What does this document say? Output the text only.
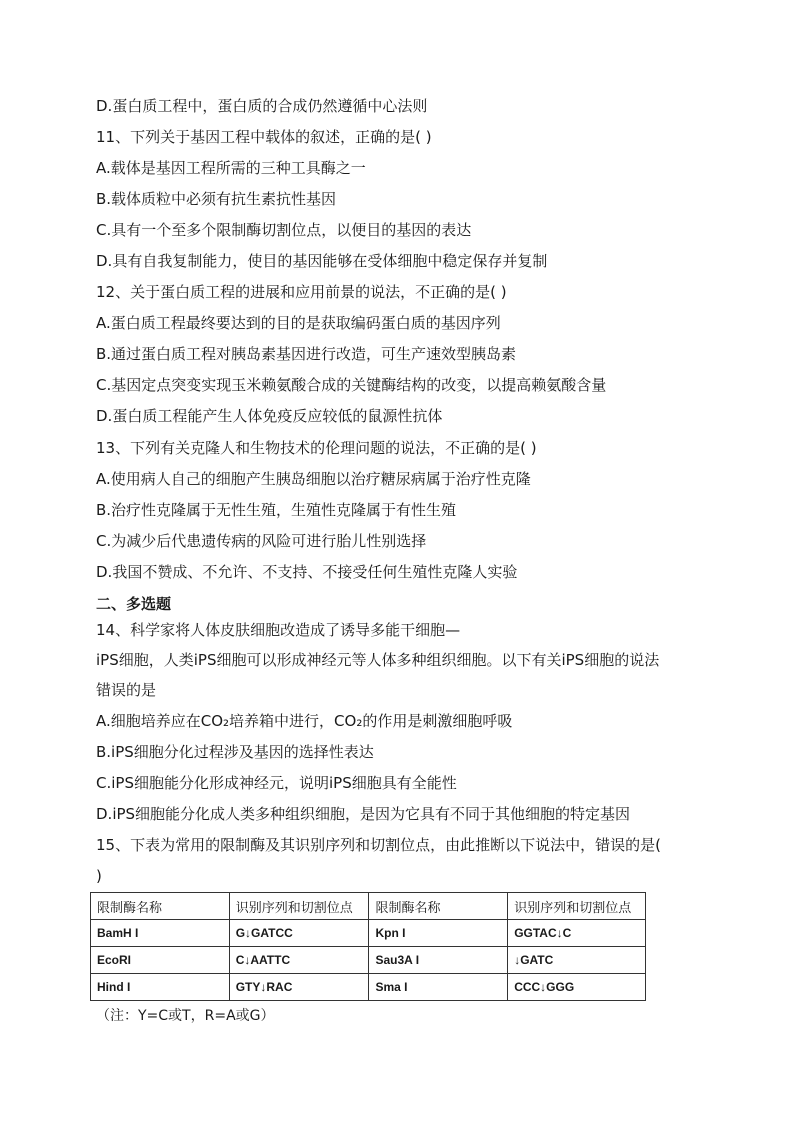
D.蛋白质工程中，蛋白质的合成仍然遵循中心法则
11、下列关于基因工程中载体的叙述，正确的是( )
A.载体是基因工程所需的三种工具酶之一
B.载体质粒中必须有抗生素抗性基因
C.具有一个至多个限制酶切割位点，以便目的基因的表达
D.具有自我复制能力，使目的基因能够在受体细胞中稳定保存并复制
12、关于蛋白质工程的进展和应用前景的说法，不正确的是( )
A.蛋白质工程最终要达到的目的是获取编码蛋白质的基因序列
B.通过蛋白质工程对胰岛素基因进行改造，可生产速效型胰岛素
C.基因定点突变实现玉米赖氨酸合成的关键酶结构的改变，以提高赖氨酸含量
D.蛋白质工程能产生人体免疫反应较低的鼠源性抗体
13、下列有关克隆人和生物技术的伦理问题的说法，不正确的是( )
A.使用病人自己的细胞产生胰岛细胞以治疗糖尿病属于治疗性克隆
B.治疗性克隆属于无性生殖，生殖性克隆属于有性生殖
C.为减少后代患遗传病的风险可进行胎儿性别选择
D.我国不赞成、不允许、不支持、不接受任何生殖性克隆人实验
二、多选题
14、科学家将人体皮肤细胞改造成了诱导多能干细胞—
iPS细胞，人类iPS细胞可以形成神经元等人体多种组织细胞。以下有关iPS细胞的说法
错误的是
A.细胞培养应在CO₂培养箱中进行，CO₂的作用是刺激细胞呼吸
B.iPS细胞分化过程涉及基因的选择性表达
C.iPS细胞能分化形成神经元，说明iPS细胞具有全能性
D.iPS细胞能分化成人类多种组织细胞，是因为它具有不同于其他细胞的特定基因
15、下表为常用的限制酶及其识别序列和切割位点，由此推断以下说法中，错误的是(
)
限制酶名称	识别序列和切割位点	限制酶名称	识别序列和切割位点
BamH I	G↓GATCC	Kpn I	GGTAC↓C
EcoRI	C↓AATTC	Sau3A I	↓GATC
Hind I	GTY↓RAC	Sma I	CCC↓GGG
（注：Y=C或T，R=A或G）
